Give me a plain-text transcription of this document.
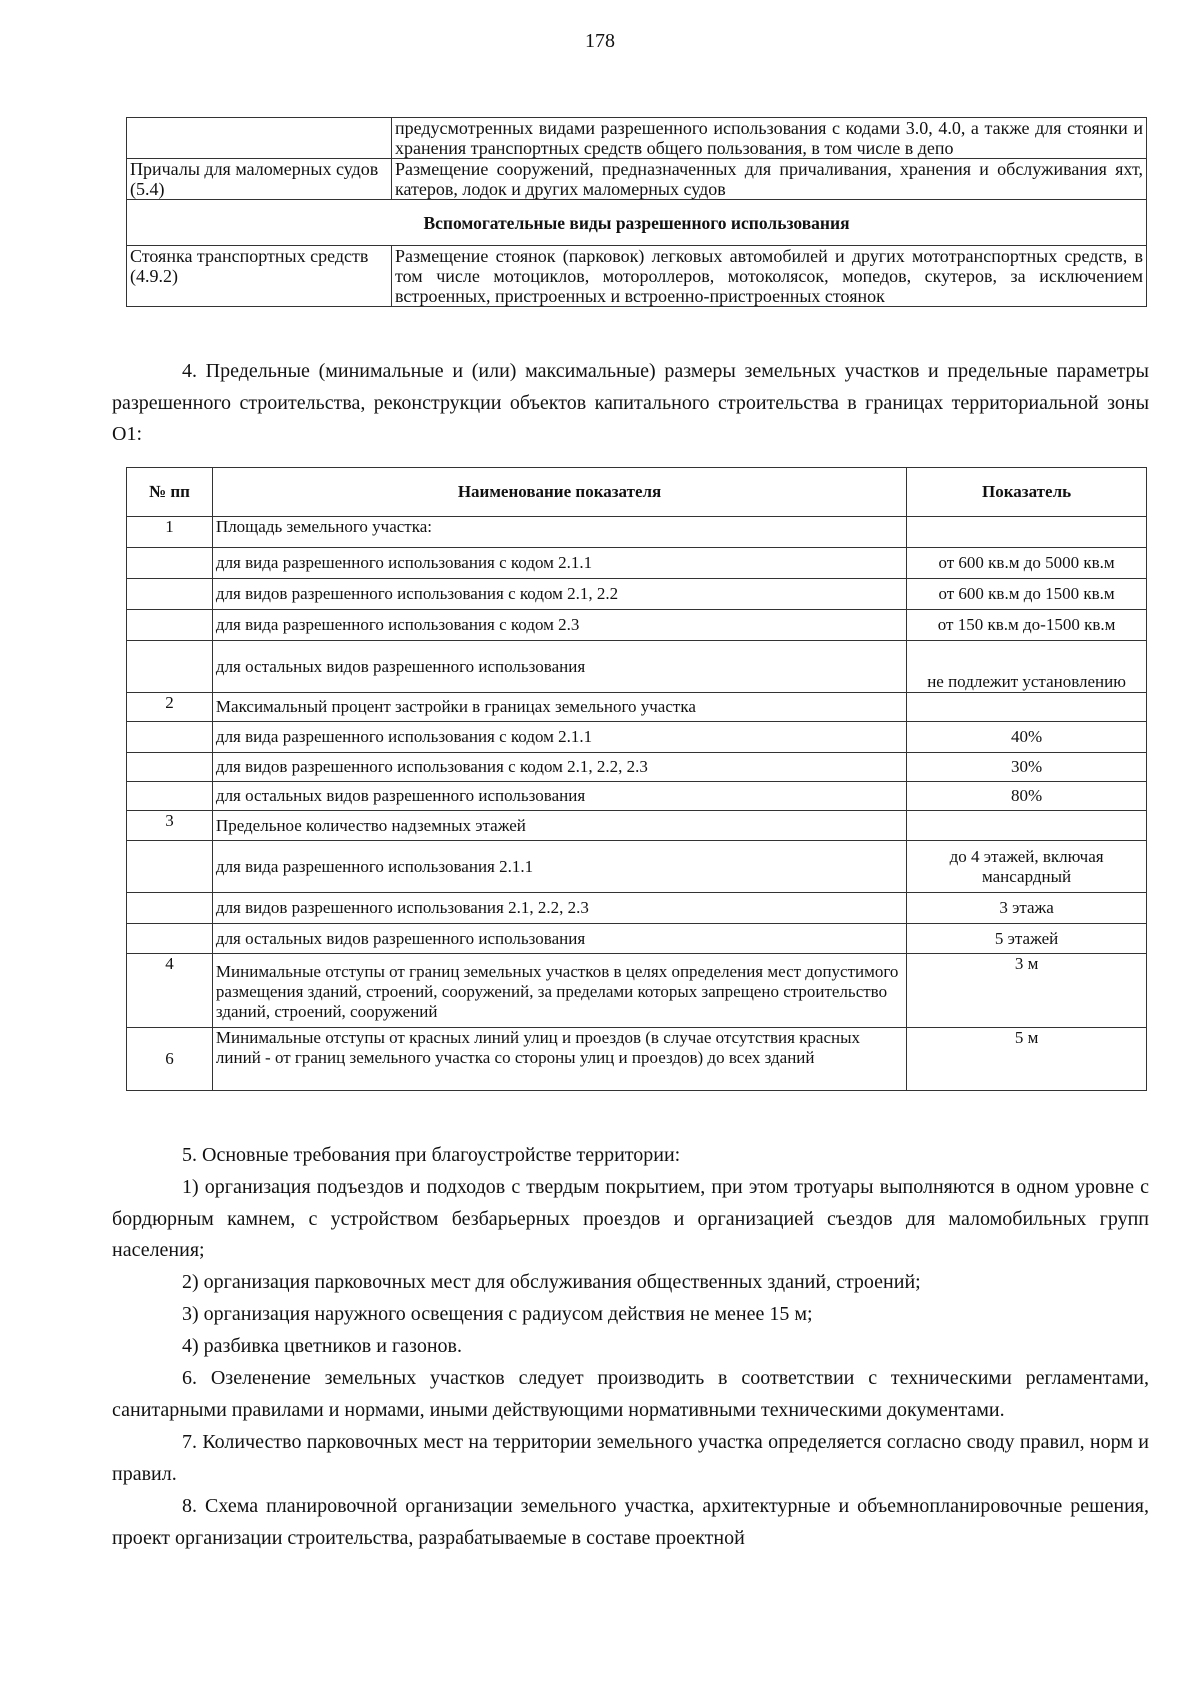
178
	предусмотренных видами разрешенного использования с кодами 3.0, 4.0, а также для стоянки и хранения транспортных средств общего пользования, в том числе в депо
Причалы для маломерных судов (5.4)	Размещение сооружений, предназначенных для причаливания, хранения и обслуживания яхт, катеров, лодок и других маломерных судов
Вспомогательные виды разрешенного использования	
Стоянка транспортных средств (4.9.2)	Размещение стоянок (парковок) легковых автомобилей и других мототранспортных средств, в том числе мотоциклов, мотороллеров, мотоколясок, мопедов, скутеров, за исключением встроенных, пристроенных и встроенно-пристроенных стоянок

4. Предельные (минимальные и (или) максимальные) размеры земельных участков и предельные параметры разрешенного строительства, реконструкции объектов капитального строительства в границах территориальной зоны О1:

№ пп	Наименование показателя	Показатель
1	Площадь земельного участка:	
	для вида разрешенного использования с кодом 2.1.1	от 600 кв.м до 5000 кв.м
	для видов разрешенного использования с кодом 2.1, 2.2	от 600 кв.м до 1500 кв.м
	для вида разрешенного использования с кодом 2.3	от 150 кв.м до-1500 кв.м
	для остальных видов разрешенного использования	не подлежит установлению
2	Максимальный процент застройки в границах земельного участка	
	для вида разрешенного использования с кодом 2.1.1	40%
	для видов разрешенного использования с кодом 2.1, 2.2, 2.3	30%
	для остальных видов разрешенного использования	80%
3	Предельное количество надземных этажей	
	для вида разрешенного использования 2.1.1	до 4 этажей, включая мансардный
	для видов разрешенного использования 2.1, 2.2, 2.3	3 этажа
	для остальных видов разрешенного использования	5 этажей
4	Минимальные отступы от границ земельных участков в целях определения мест допустимого размещения зданий, строений, сооружений, за пределами которых запрещено строительство зданий, строений, сооружений	3 м
6	Минимальные отступы от красных линий улиц и проездов (в случае отсутствия красных линий - от границ земельного участка со стороны улиц и проездов) до всех зданий	5 м

5. Основные требования при благоустройстве территории:

1) организация подъездов и подходов с твердым покрытием, при этом тротуары выполняются в одном уровне с бордюрным камнем, с устройством безбарьерных проездов и организацией съездов для маломобильных групп населения;

2) организация парковочных мест для обслуживания общественных зданий, строений;

3) организация наружного освещения с радиусом действия не менее 15 м;

4) разбивка цветников и газонов.

6. Озеленение земельных участков следует производить в соответствии с техническими регламентами, санитарными правилами и нормами, иными действующими нормативными техническими документами.

7. Количество парковочных мест на территории земельного участка определяется согласно своду правил, норм и правил.

8. Схема планировочной организации земельного участка, архитектурные и объемнопланировочные решения, проект организации строительства, разрабатываемые в составе проектной
